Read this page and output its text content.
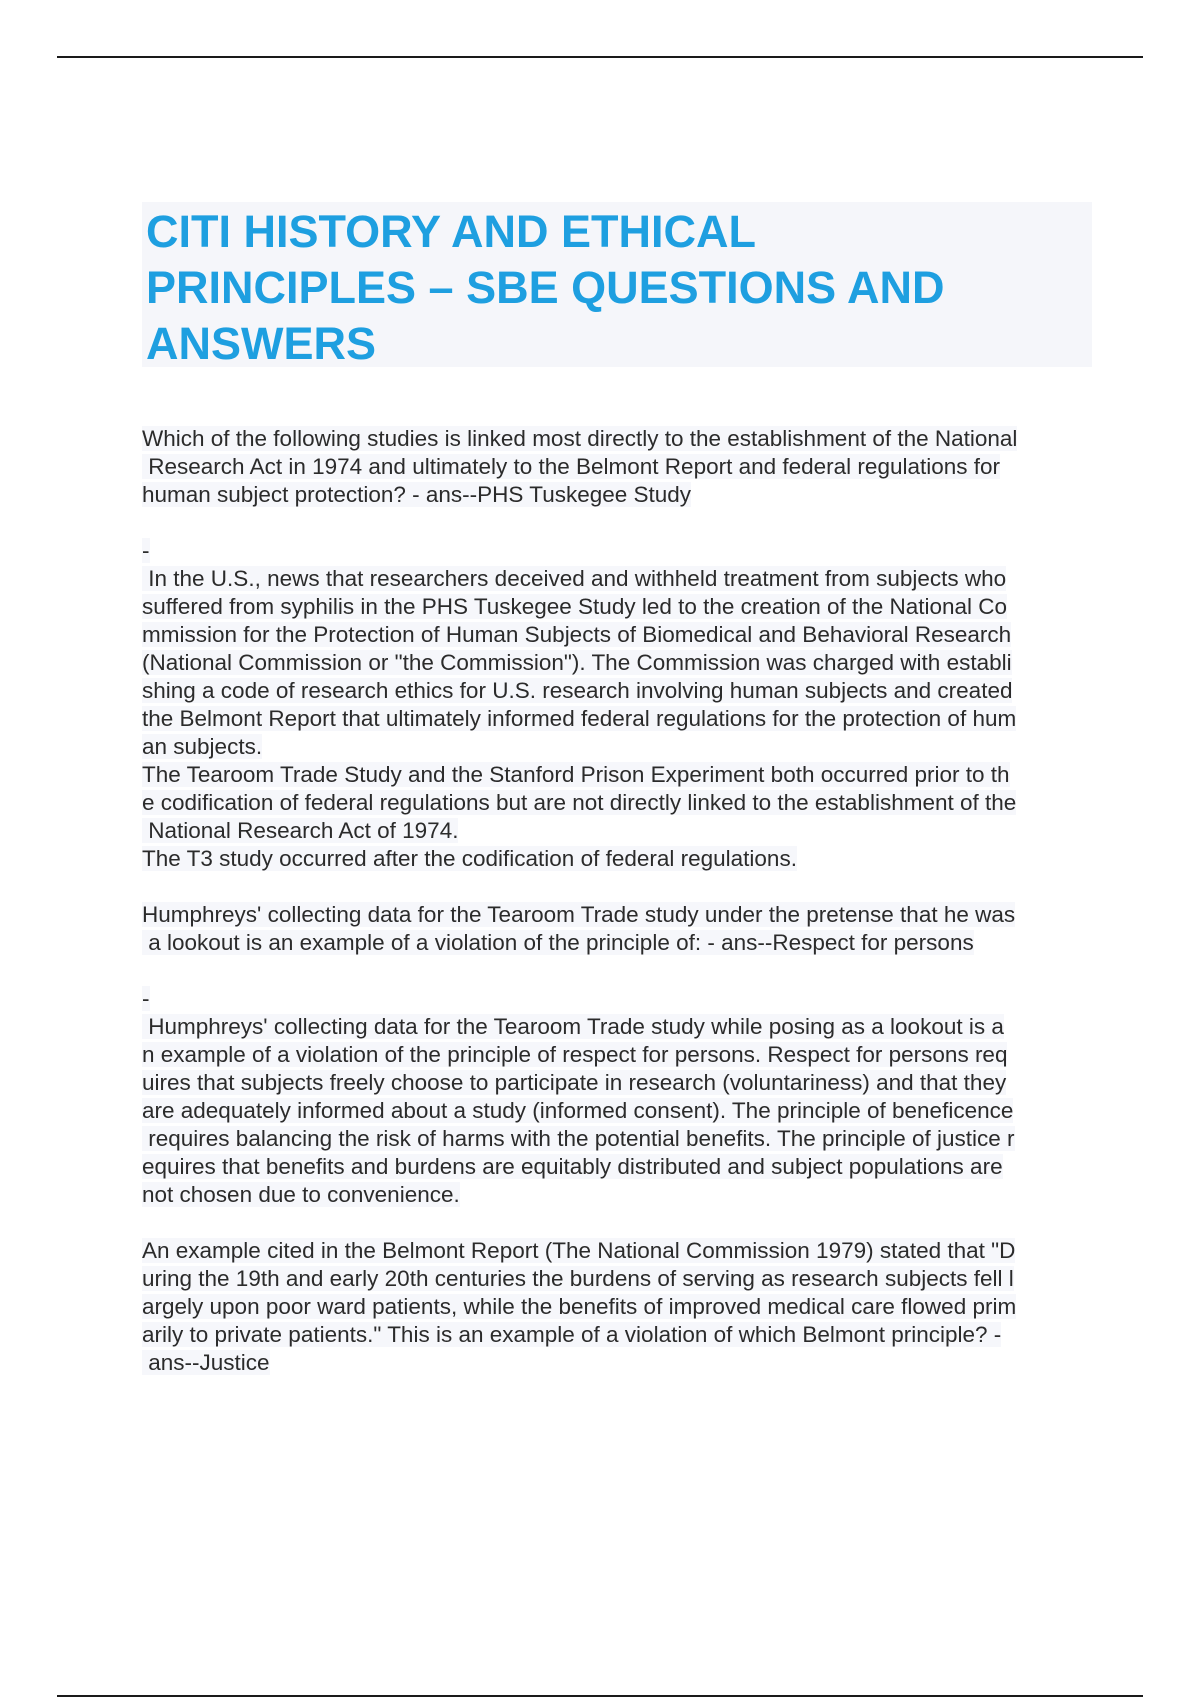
CITI HISTORY AND ETHICAL
PRINCIPLES – SBE QUESTIONS AND
ANSWERS

Which of the following studies is linked most directly to the establishment of the National
Research Act in 1974 and ultimately to the Belmont Report and federal regulations for
human subject protection? - ans--PHS Tuskegee Study

-
In the U.S., news that researchers deceived and withheld treatment from subjects who
suffered from syphilis in the PHS Tuskegee Study led to the creation of the National Co
mmission for the Protection of Human Subjects of Biomedical and Behavioral Research
(National Commission or "the Commission"). The Commission was charged with establi
shing a code of research ethics for U.S. research involving human subjects and created
the Belmont Report that ultimately informed federal regulations for the protection of hum
an subjects.
The Tearoom Trade Study and the Stanford Prison Experiment both occurred prior to th
e codification of federal regulations but are not directly linked to the establishment of the
National Research Act of 1974.
The T3 study occurred after the codification of federal regulations.

Humphreys' collecting data for the Tearoom Trade study under the pretense that he was
a lookout is an example of a violation of the principle of: - ans--Respect for persons

-
Humphreys' collecting data for the Tearoom Trade study while posing as a lookout is a
n example of a violation of the principle of respect for persons. Respect for persons req
uires that subjects freely choose to participate in research (voluntariness) and that they
are adequately informed about a study (informed consent). The principle of beneficence
requires balancing the risk of harms with the potential benefits. The principle of justice r
equires that benefits and burdens are equitably distributed and subject populations are
not chosen due to convenience.

An example cited in the Belmont Report (The National Commission 1979) stated that "D
uring the 19th and early 20th centuries the burdens of serving as research subjects fell l
argely upon poor ward patients, while the benefits of improved medical care flowed prim
arily to private patients." This is an example of a violation of which Belmont principle? -
ans--Justice
